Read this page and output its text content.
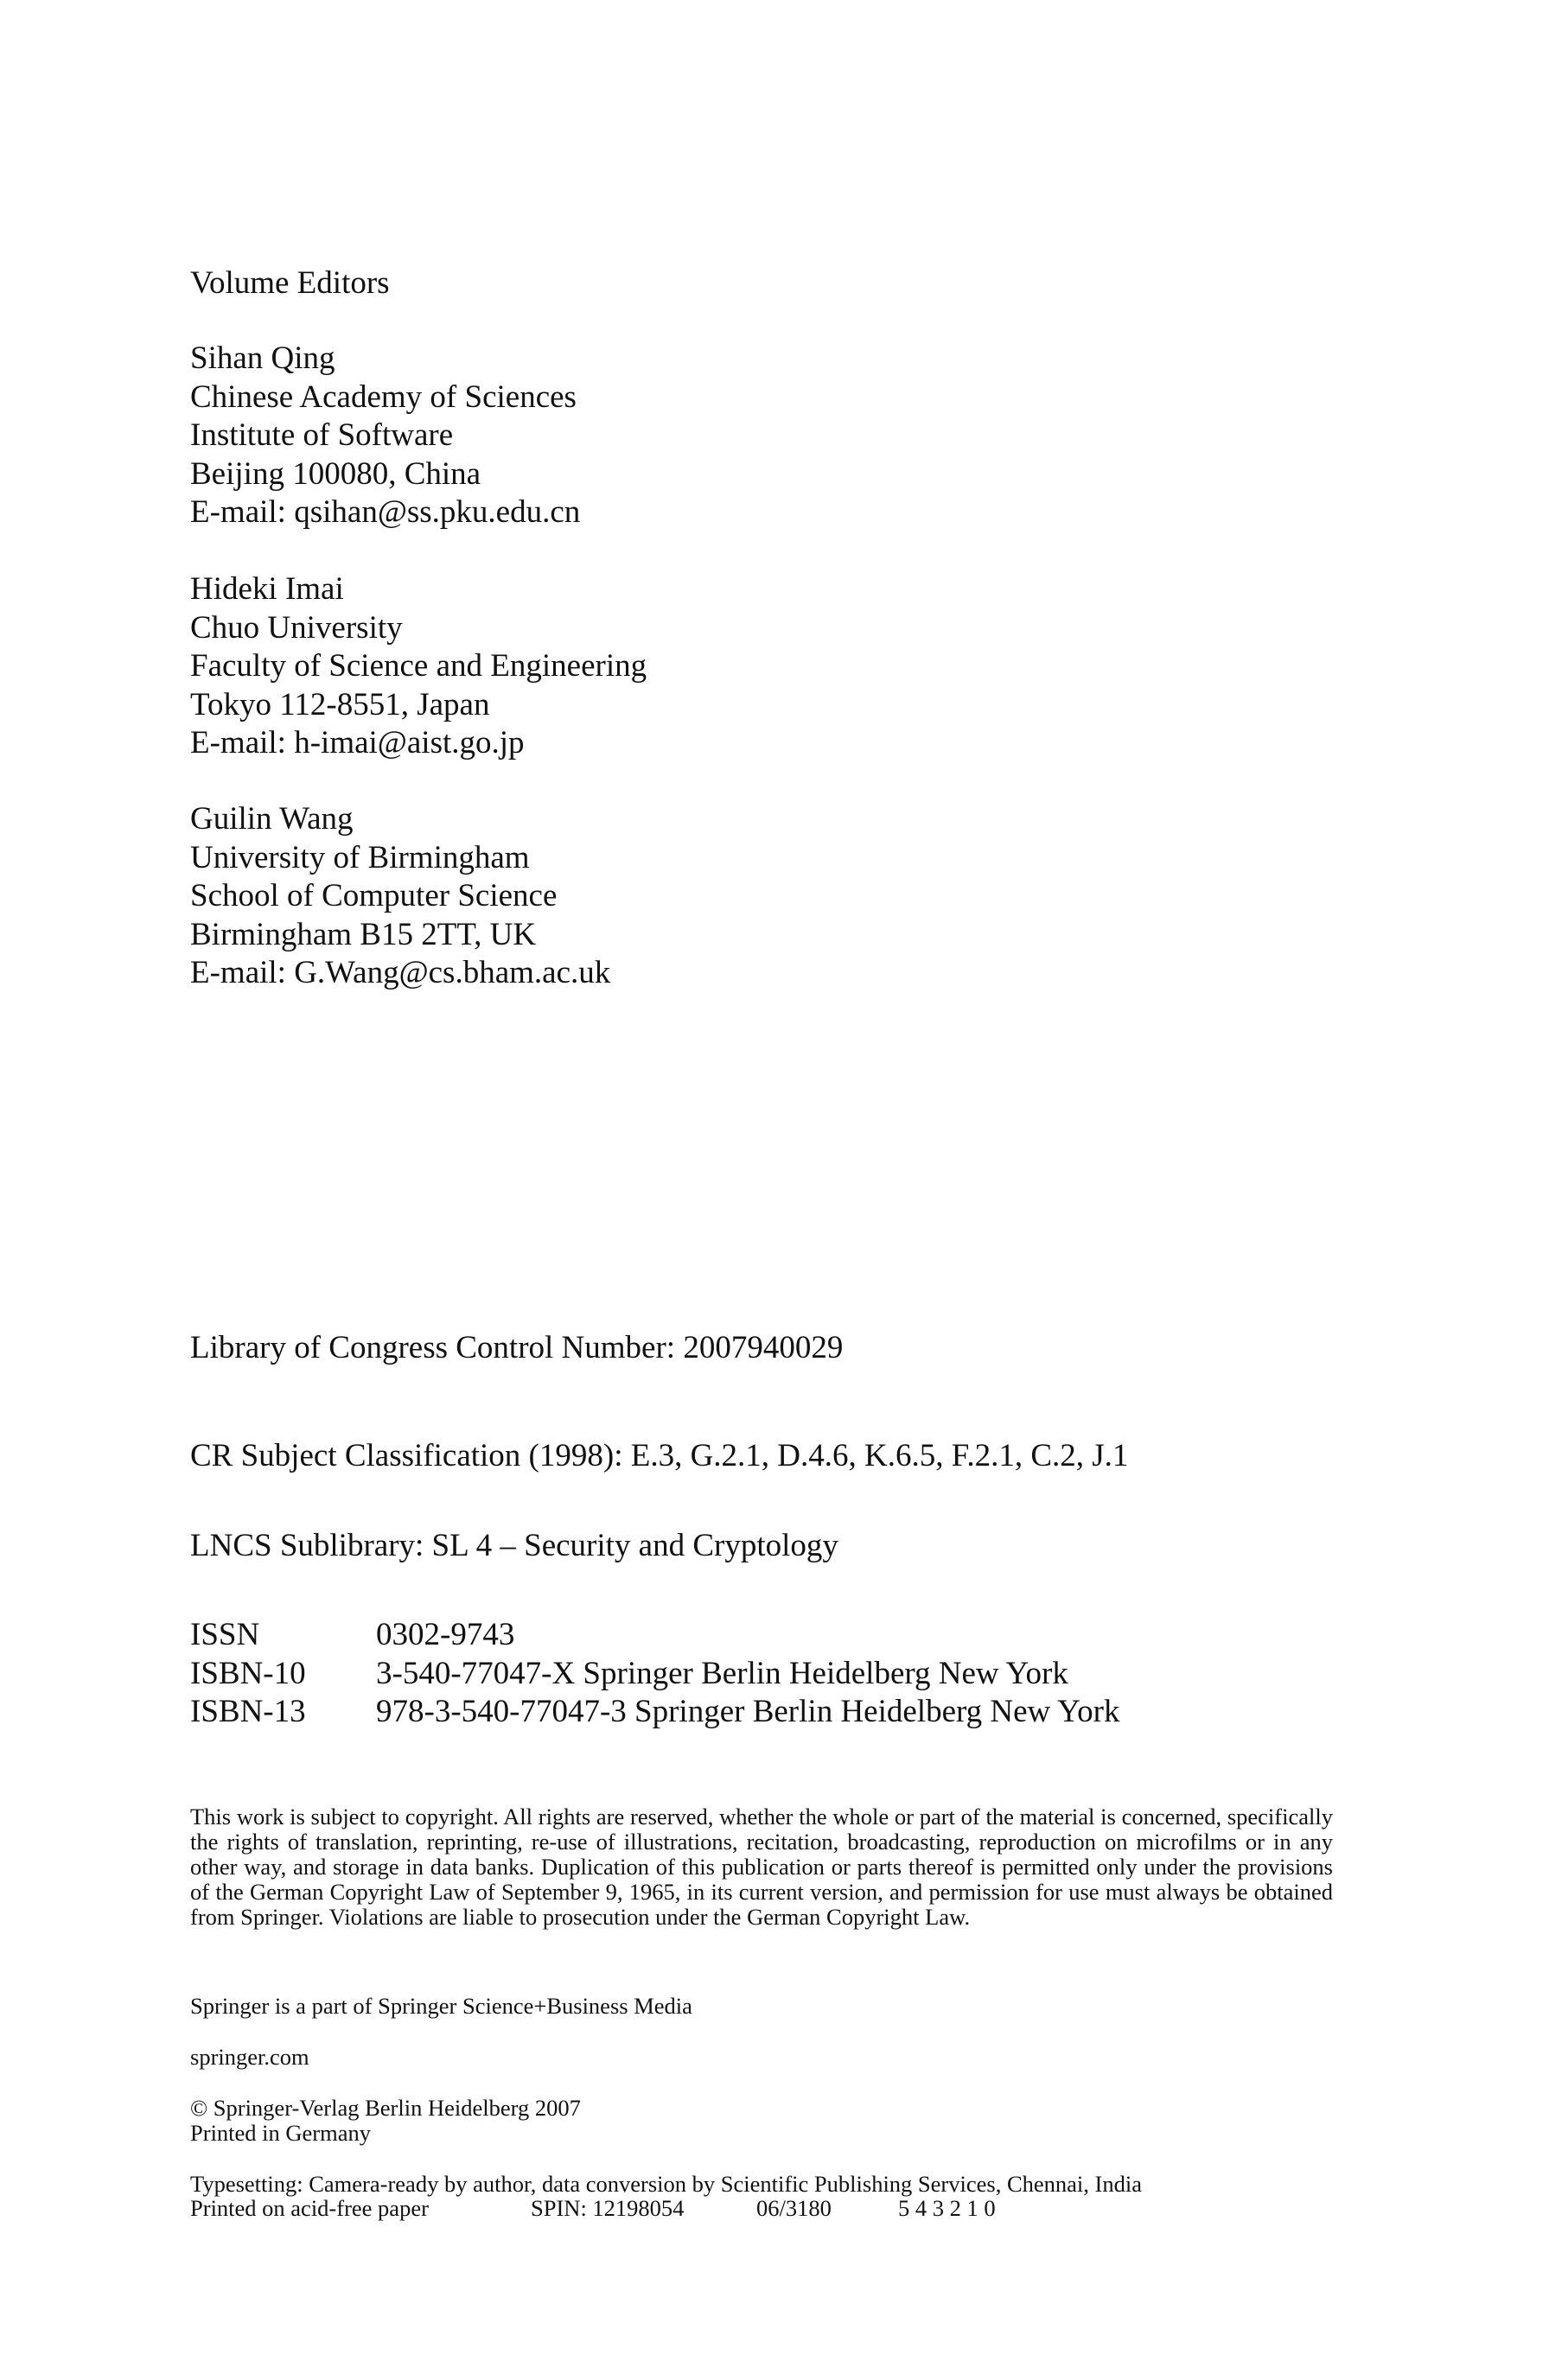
Volume Editors
Sihan Qing
Chinese Academy of Sciences
Institute of Software
Beijing 100080, China
E-mail: qsihan@ss.pku.edu.cn
Hideki Imai
Chuo University
Faculty of Science and Engineering
Tokyo 112-8551, Japan
E-mail: h-imai@aist.go.jp
Guilin Wang
University of Birmingham
School of Computer Science
Birmingham B15 2TT, UK
E-mail: G.Wang@cs.bham.ac.uk
Library of Congress Control Number: 2007940029
CR Subject Classification (1998): E.3, G.2.1, D.4.6, K.6.5, F.2.1, C.2, J.1
LNCS Sublibrary: SL 4 – Security and Cryptology
ISSN	0302-9743
ISBN-10 3-540-77047-X Springer Berlin Heidelberg New York
ISBN-13 978-3-540-77047-3 Springer Berlin Heidelberg New York
This work is subject to copyright. All rights are reserved, whether the whole or part of the material is concerned, specifically the rights of translation, reprinting, re-use of illustrations, recitation, broadcasting, reproduction on microfilms or in any other way, and storage in data banks. Duplication of this publication or parts thereof is permitted only under the provisions of the German Copyright Law of September 9, 1965, in its current version, and permission for use must always be obtained from Springer. Violations are liable to prosecution under the German Copyright Law.
Springer is a part of Springer Science+Business Media
springer.com
© Springer-Verlag Berlin Heidelberg 2007
Printed in Germany
Typesetting: Camera-ready by author, data conversion by Scientific Publishing Services, Chennai, India
Printed on acid-free paper	SPIN: 12198054	06/3180	5 4 3 2 1 0
